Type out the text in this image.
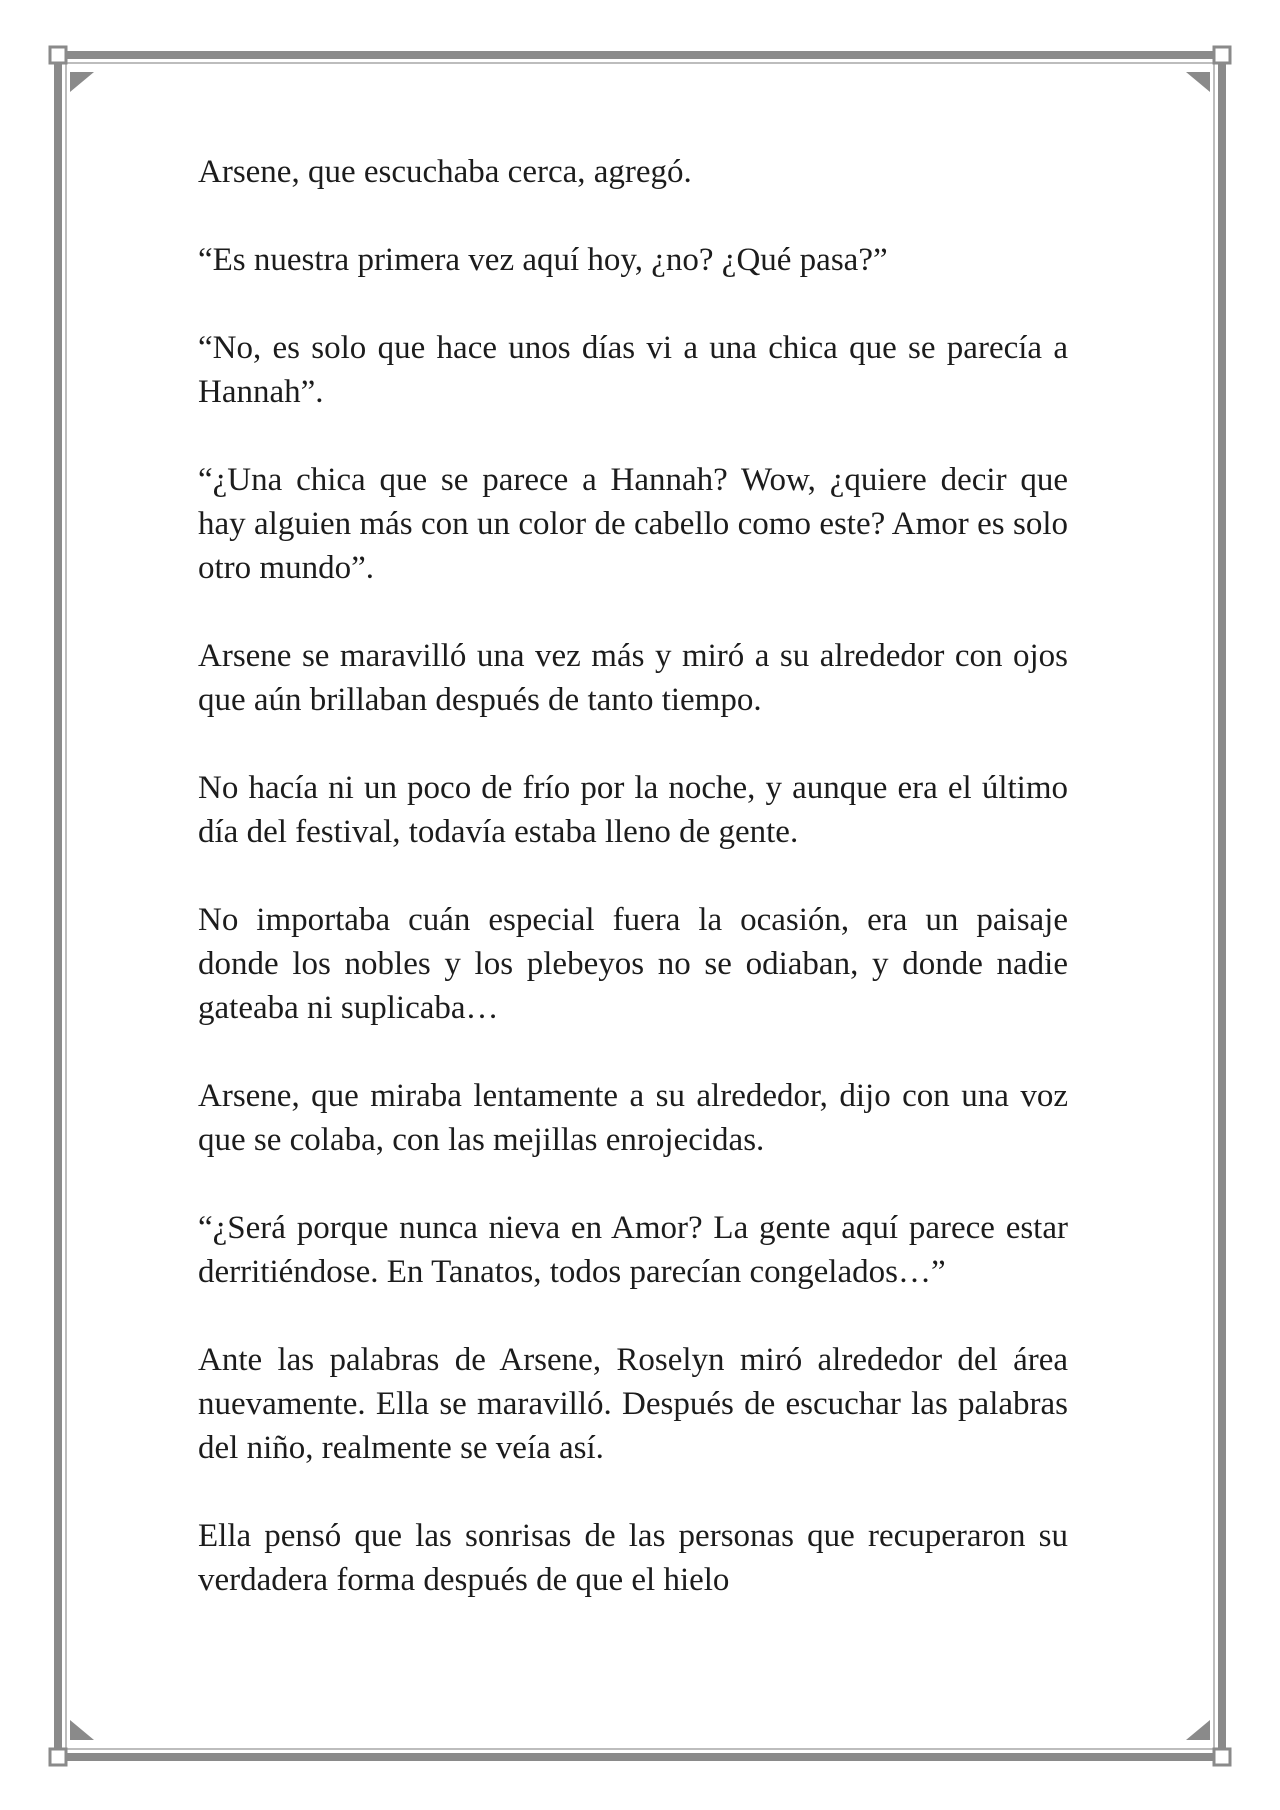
Arsene, que escuchaba cerca, agregó.

“Es nuestra primera vez aquí hoy, ¿no? ¿Qué pasa?”

“No, es solo que hace unos días vi a una chica que se parecía a Hannah”.

“¿Una chica que se parece a Hannah? Wow, ¿quiere decir que hay alguien más con un color de cabello como este? Amor es solo otro mundo”.

Arsene se maravilló una vez más y miró a su alrededor con ojos que aún brillaban después de tanto tiempo.

No hacía ni un poco de frío por la noche, y aunque era el último día del festival, todavía estaba lleno de gente.

No importaba cuán especial fuera la ocasión, era un paisaje donde los nobles y los plebeyos no se odiaban, y donde nadie gateaba ni suplicaba…

Arsene, que miraba lentamente a su alrededor, dijo con una voz que se colaba, con las mejillas enrojecidas.

“¿Será porque nunca nieva en Amor? La gente aquí parece estar derritiéndose. En Tanatos, todos parecían congelados…”

Ante las palabras de Arsene, Roselyn miró alrededor del área nuevamente. Ella se maravilló. Después de escuchar las palabras del niño, realmente se veía así.

Ella pensó que las sonrisas de las personas que recuperaron su verdadera forma después de que el hielo
